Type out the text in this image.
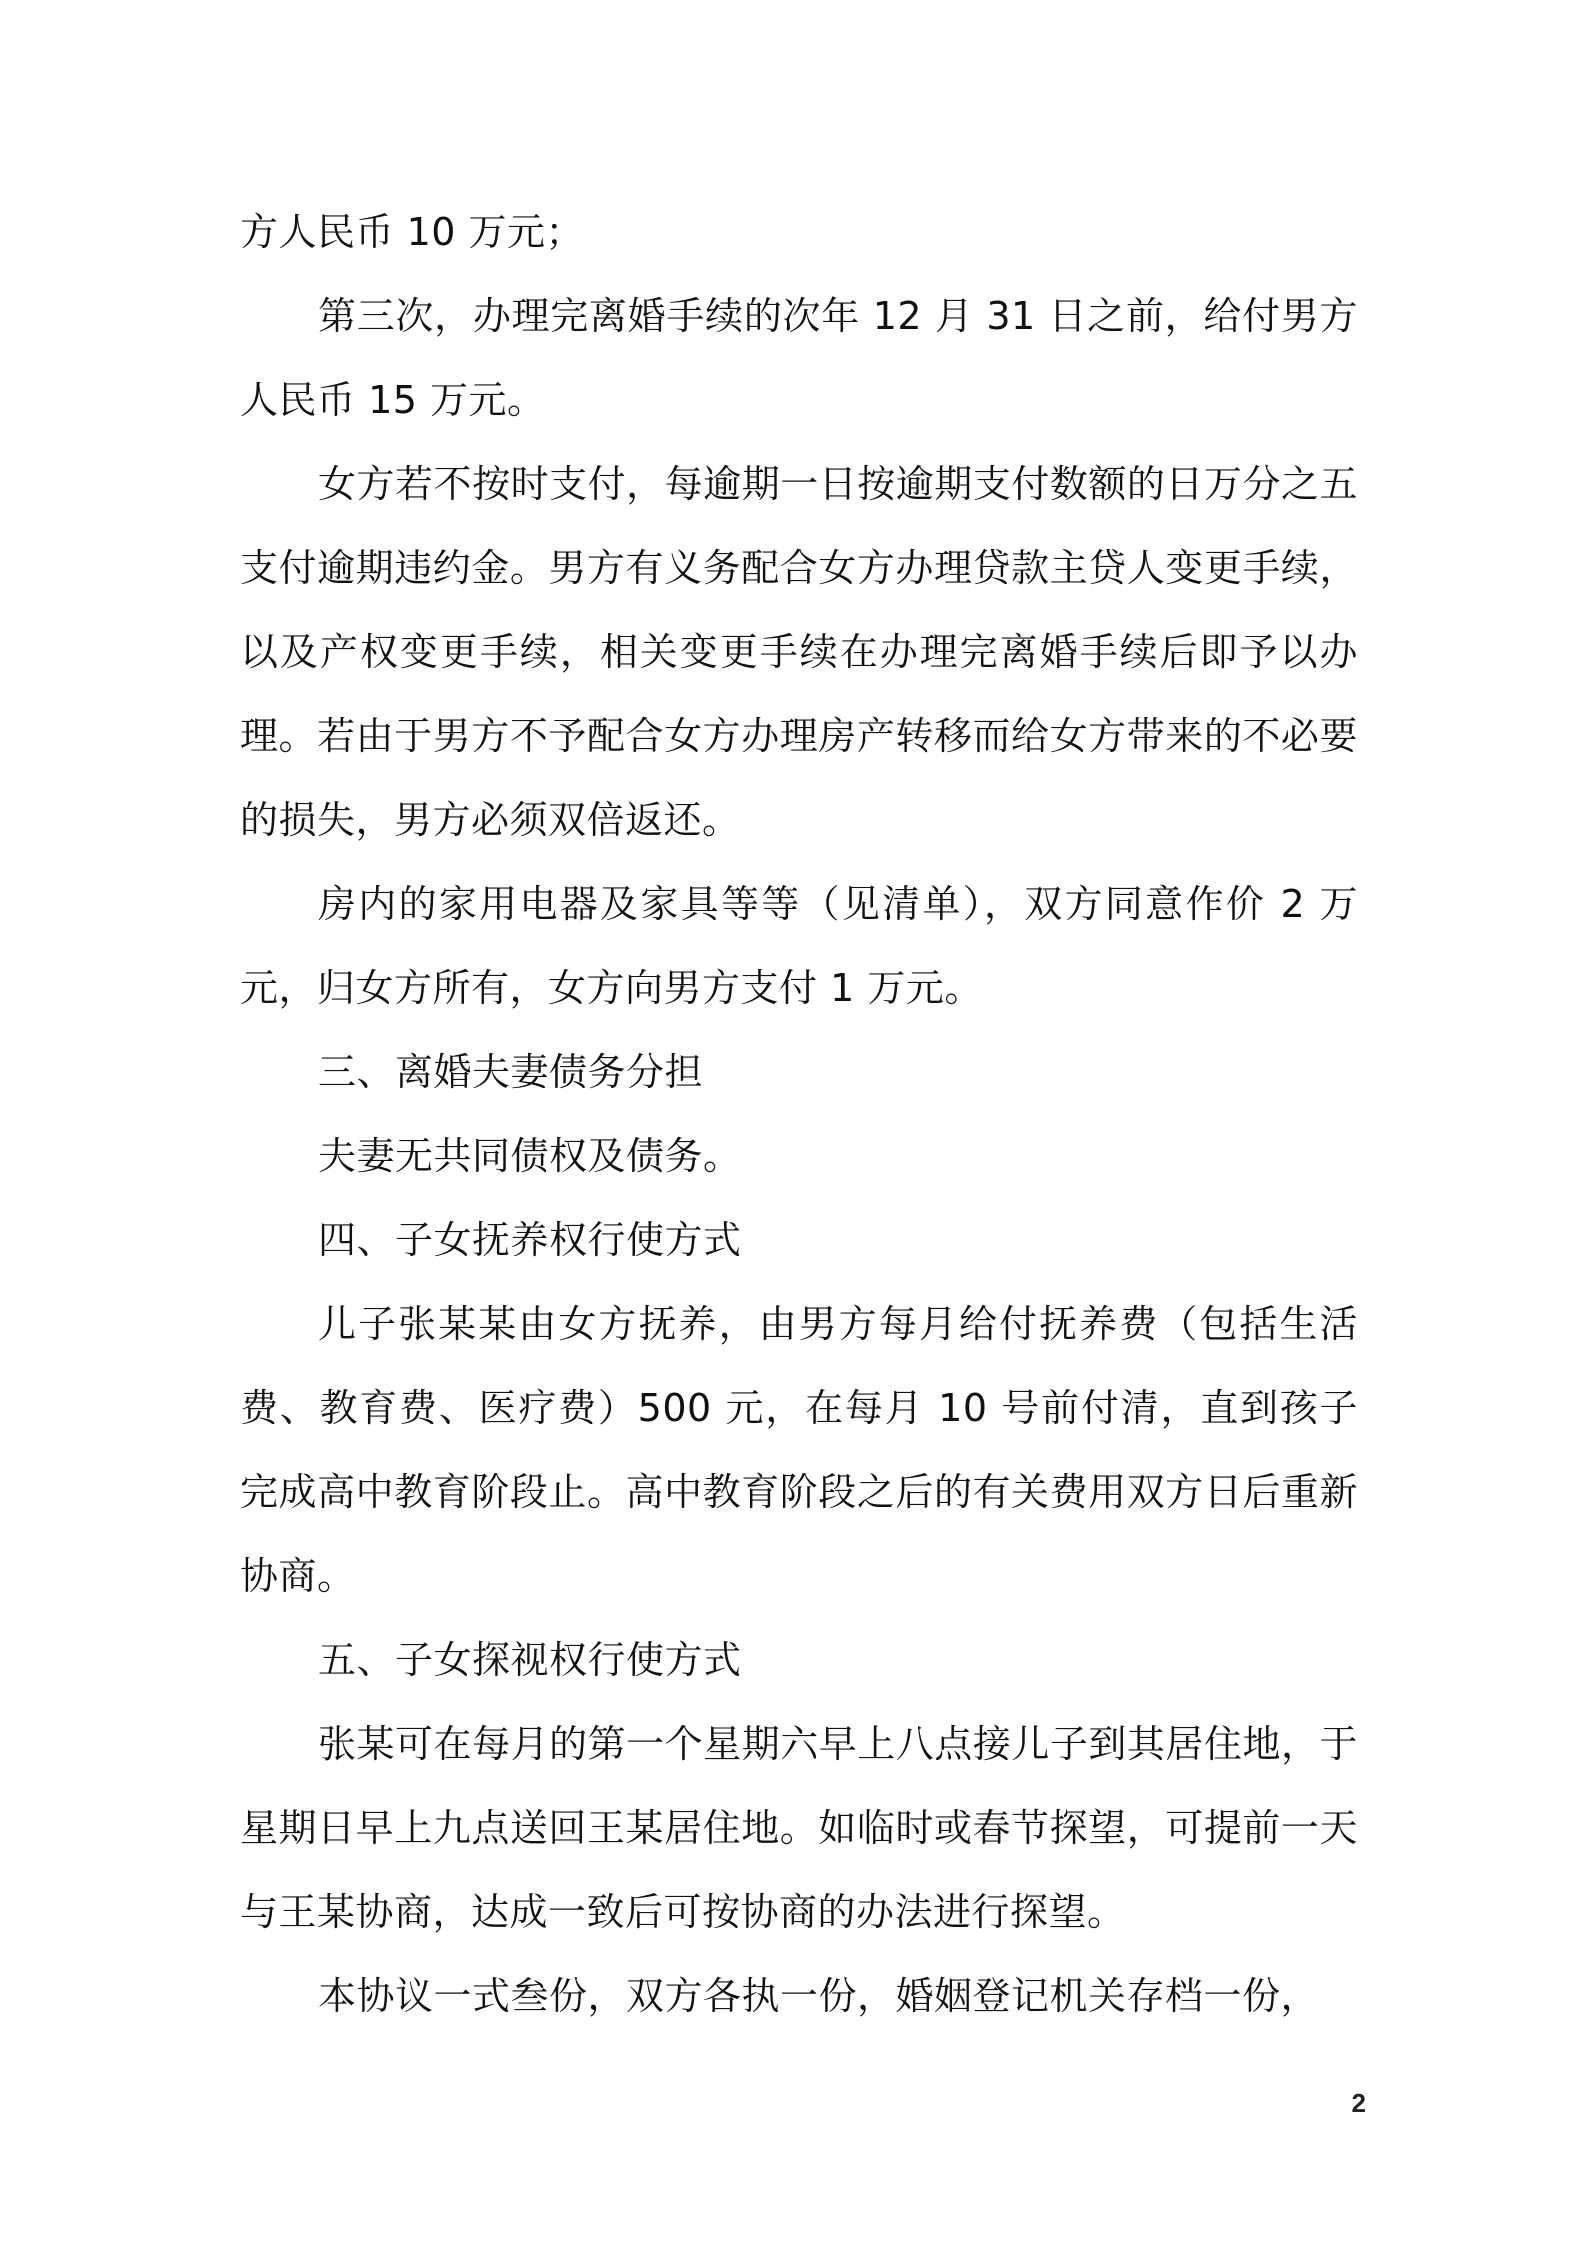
方人民币 10 万元；

第三次，办理完离婚手续的次年 12 月 31 日之前，给付男方人民币 15 万元。

女方若不按时支付，每逾期一日按逾期支付数额的日万分之五支付逾期违约金。男方有义务配合女方办理贷款主贷人变更手续，以及产权变更手续，相关变更手续在办理完离婚手续后即予以办理。若由于男方不予配合女方办理房产转移而给女方带来的不必要的损失，男方必须双倍返还。

房内的家用电器及家具等等（见清单），双方同意作价 2 万元，归女方所有，女方向男方支付 1 万元。

三、离婚夫妻债务分担

夫妻无共同债权及债务。

四、子女抚养权行使方式

儿子张某某由女方抚养，由男方每月给付抚养费（包括生活费、教育费、医疗费）500 元，在每月 10 号前付清，直到孩子完成高中教育阶段止。高中教育阶段之后的有关费用双方日后重新协商。

五、子女探视权行使方式

张某可在每月的第一个星期六早上八点接儿子到其居住地，于星期日早上九点送回王某居住地。如临时或春节探望，可提前一天与王某协商，达成一致后可按协商的办法进行探望。

本协议一式叁份，双方各执一份，婚姻登记机关存档一份，

2
